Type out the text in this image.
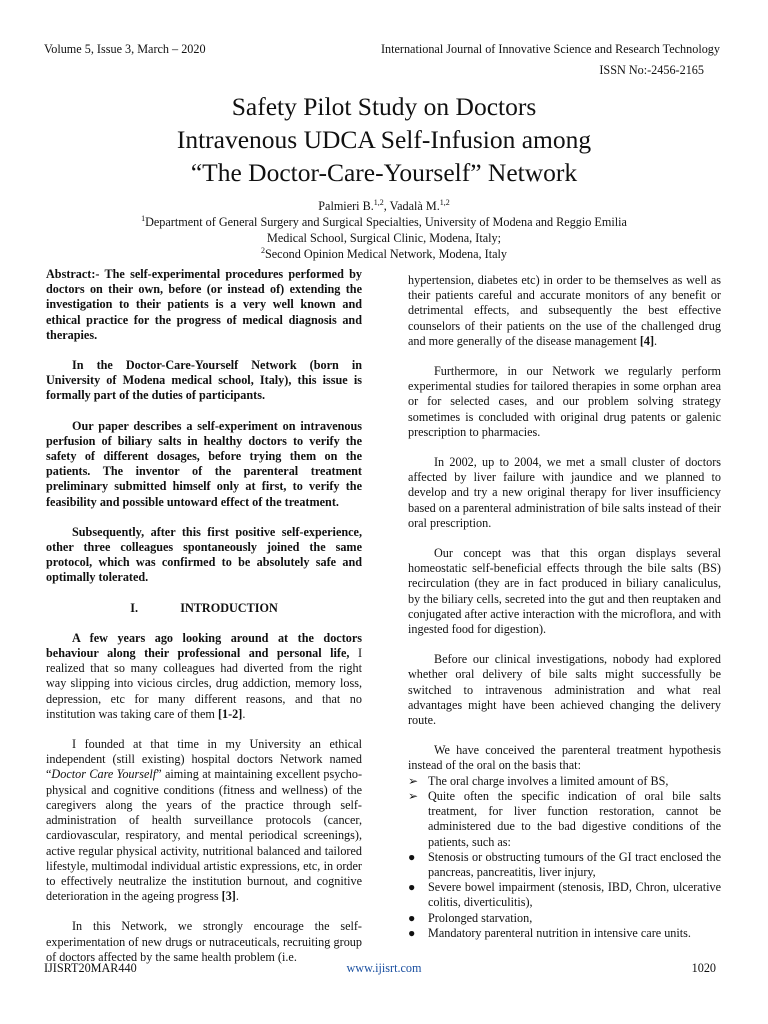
Volume 5, Issue 3, March – 2020	International Journal of Innovative Science and Research Technology
ISSN No:-2456-2165
Safety Pilot Study on Doctors
Intravenous UDCA Self-Infusion among
“The Doctor-Care-Yourself” Network
Palmieri B.$^{1,2}$, Vadalà M.$^{1,2}$
$^1$Department of General Surgery and Surgical Specialties, University of Modena and Reggio Emilia
Medical School, Surgical Clinic, Modena, Italy;
$^2$Second Opinion Medical Network, Modena, Italy

Abstract:- The self-experimental procedures performed by doctors on their own, before (or instead of) extending the investigation to their patients is a very well known and ethical practice for the progress of medical diagnosis and therapies.

In the Doctor-Care-Yourself Network (born in University of Modena medical school, Italy), this issue is formally part of the duties of participants.

Our paper describes a self-experiment on intravenous perfusion of biliary salts in healthy doctors to verify the safety of different dosages, before trying them on the patients. The inventor of the parenteral treatment preliminary submitted himself only at first, to verify the feasibility and possible untoward effect of the treatment.

Subsequently, after this first positive self-experience, other three colleagues spontaneously joined the same protocol, which was confirmed to be absolutely safe and optimally tolerated.

I.	INTRODUCTION

A few years ago looking around at the doctors behaviour along their professional and personal life, I realized that so many colleagues had diverted from the right way slipping into vicious circles, drug addiction, memory loss, depression, etc for many different reasons, and that no institution was taking care of them [1-2].

I founded at that time in my University an ethical independent (still existing) hospital doctors Network named “Doctor Care Yourself” aiming at maintaining excellent psycho-physical and cognitive conditions (fitness and wellness) of the caregivers along the years of the practice through self-administration of health surveillance protocols (cancer, cardiovascular, respiratory, and mental periodical screenings), active regular physical activity, nutritional balanced and tailored lifestyle, multimodal individual artistic expressions, etc, in order to effectively neutralize the institution burnout, and cognitive deterioration in the ageing progress [3].

In this Network, we strongly encourage the self-experimentation of new drugs or nutraceuticals, recruiting group of doctors affected by the same health problem (i.e.

hypertension, diabetes etc) in order to be themselves as well as their patients careful and accurate monitors of any benefit or detrimental effects, and subsequently the best effective counselors of their patients on the use of the challenged drug and more generally of the disease management [4].

Furthermore, in our Network we regularly perform experimental studies for tailored therapies in some orphan area or for selected cases, and our problem solving strategy sometimes is concluded with original drug patents or galenic prescription to pharmacies.

In 2002, up to 2004, we met a small cluster of doctors affected by liver failure with jaundice and we planned to develop and try a new original therapy for liver insufficiency based on a parenteral administration of bile salts instead of their oral prescription.

Our concept was that this organ displays several homeostatic self-beneficial effects through the bile salts (BS) recirculation (they are in fact produced in biliary canaliculus, by the biliary cells, secreted into the gut and then reuptaken and conjugated after active interaction with the microflora, and with ingested food for digestion).

Before our clinical investigations, nobody had explored whether oral delivery of bile salts might successfully be switched to intravenous administration and what real advantages might have been achieved changing the delivery route.

We have conceived the parenteral treatment hypothesis instead of the oral on the basis that:

➢ The oral charge involves a limited amount of BS,
➢ Quite often the specific indication of oral bile salts treatment, for liver function restoration, cannot be administered due to the bad digestive conditions of the patients, such as:
●	Stenosis or obstructing tumours of the GI tract enclosed the pancreas, pancreatitis, liver injury,
●	Severe bowel impairment (stenosis, IBD, Chron, ulcerative colitis, diverticulitis),
●	Prolonged starvation,
●	Mandatory parenteral nutrition in intensive care units.
IJISRT20MAR440	www.ijisrt.com	1020
